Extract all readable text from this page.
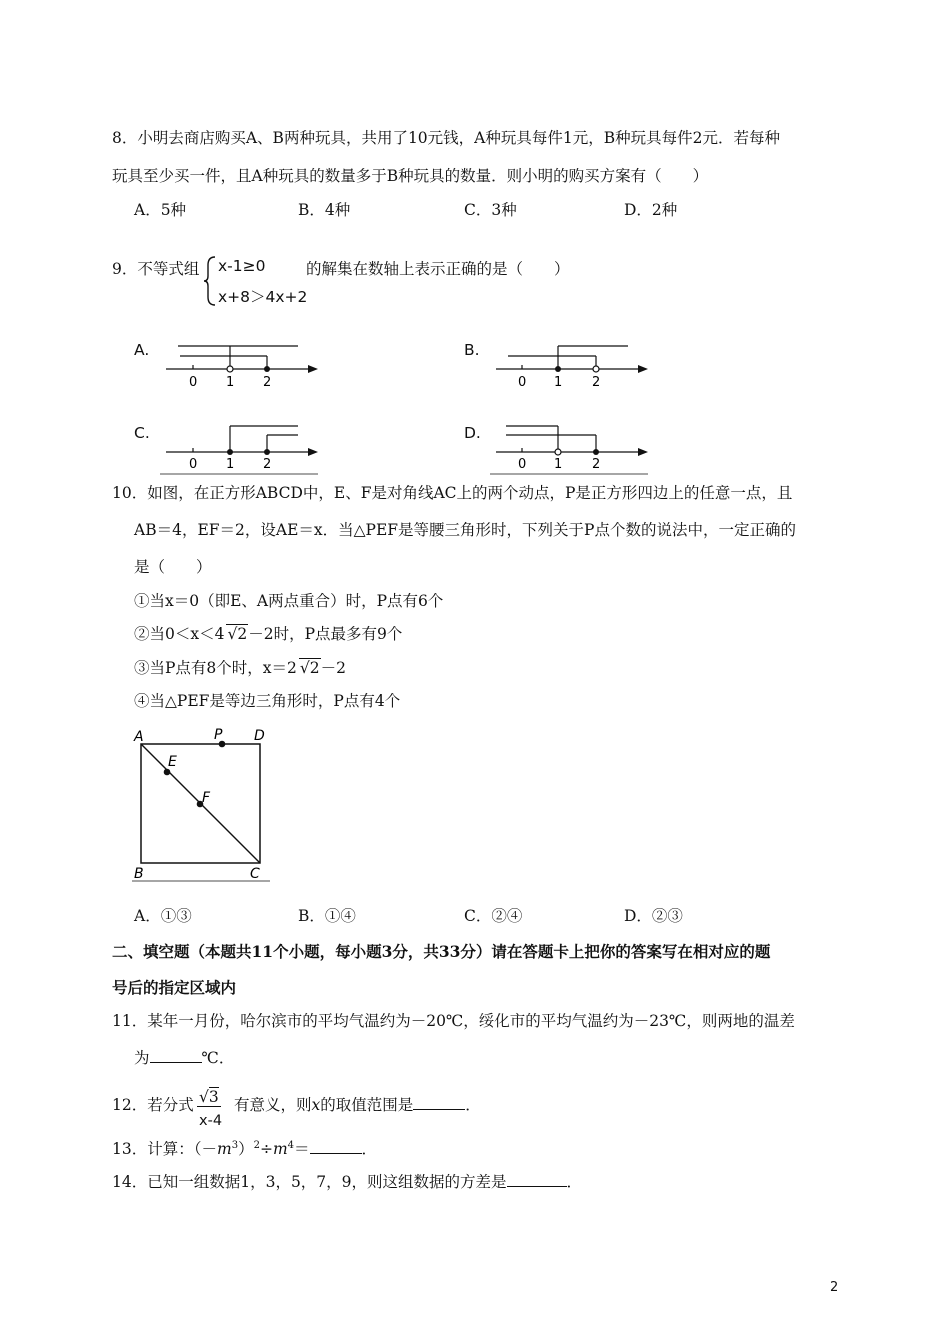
8．小明去商店购买A、B两种玩具，共用了10元钱，A种玩具每件1元，B种玩具每件2元．若每种
玩具至少买一件，且A种玩具的数量多于B种玩具的数量．则小明的购买方案有（　　）
A．5种	B．4种	C．3种	D．2种
9．不等式组 x-1≥0
x+8＞4x+2
的解集在数轴上表示正确的是（　　）
A.
0 1 2
B.
0 1 2
C.
0 1 2
D.
0 1 2
10．如图，在正方形ABCD中，E、F是对角线AC上的两个动点，P是正方形四边上的任意一点，且
AB＝4，EF＝2，设AE＝x．当△PEF是等腰三角形时，下列关于P点个数的说法中，一定正确的
是（　　）
①当x＝0（即E、A两点重合）时，P点有6个
②当0＜x＜4 √2－2时，P点最多有9个
③当P点有8个时，x＝2 √2－2
④当△PEF是等边三角形时，P点有4个
A	P D
E
F
B	C
A．①③	B．①④	C．②④	D．②③
二、填空题（本题共11个小题，每小题3分，共33分）请在答题卡上把你的答案写在相对应的题
号后的指定区域内
11．某年一月份，哈尔滨市的平均气温约为－20℃，绥化市的平均气温约为－23℃，则两地的温差
为	℃．
12．若分式 √3
x-4
有意义，则x的取值范围是	．
13．计算：$(-m^3)^2\div m^4=$	．
14．已知一组数据1，3，5，7，9，则这组数据的方差是	．
2
